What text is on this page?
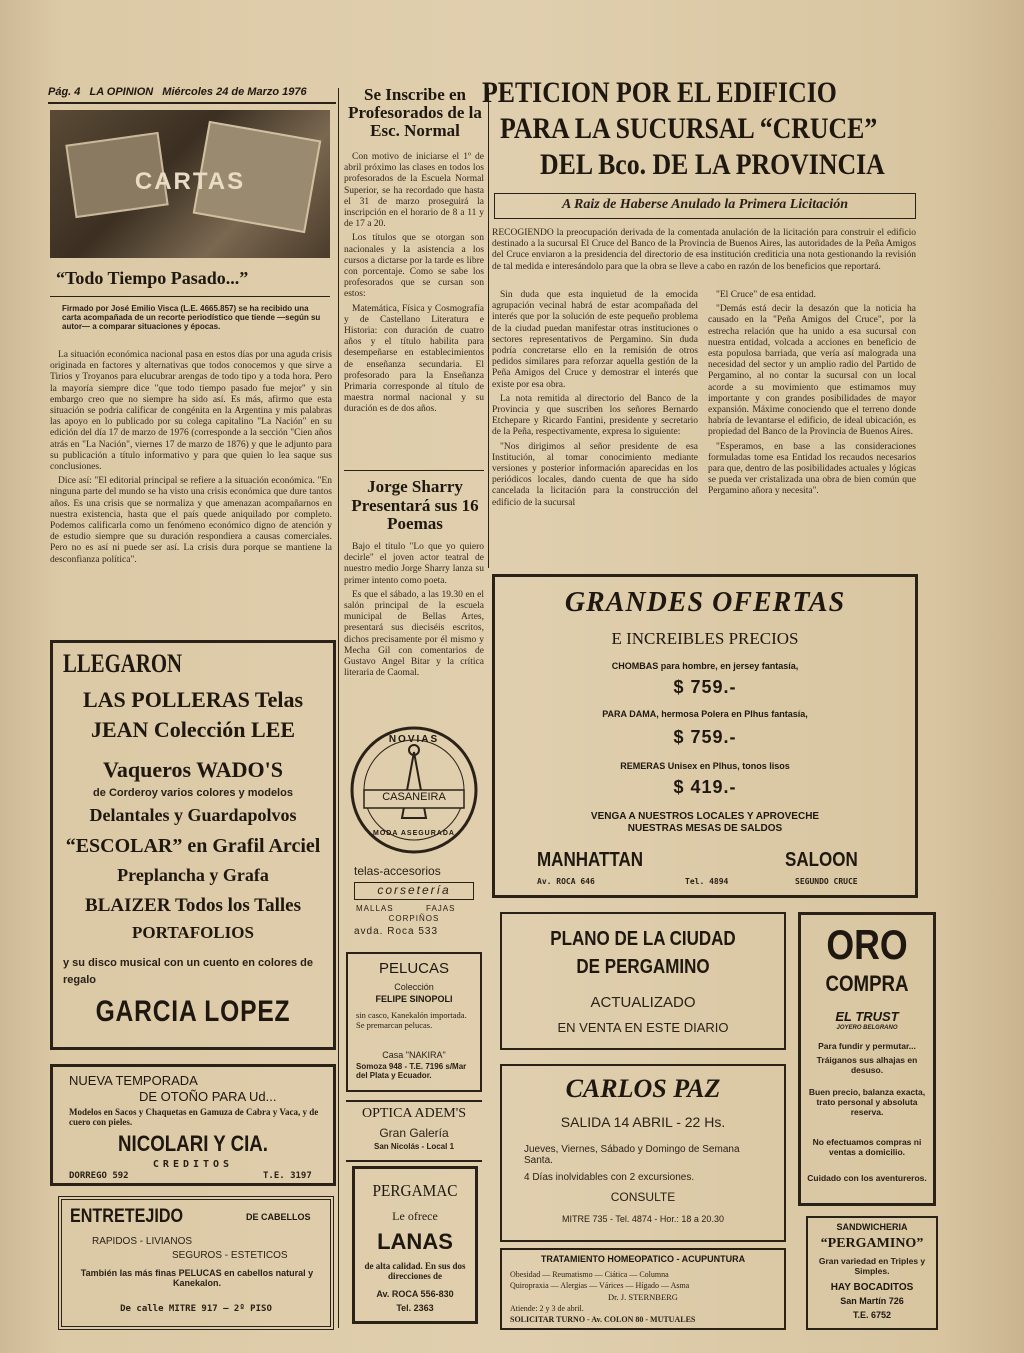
Pág. 4 LA OPINION Miércoles 24 de Marzo 1976
CARTAS
“Todo Tiempo Pasado...”
Firmado por José Emilio Visca (L.E. 4665.857) se ha recibido una carta acompañada de un recorte periodístico que tiende —según su autor— a comparar situaciones y épocas.

La situación económica nacional pasa en estos días por una aguda crisis originada en factores y alternativas que todos conocemos y que sirve a Tirios y Troyanos para elucubrar arengas de todo tipo y a toda hora. Pero la mayoría siempre dice "que todo tiempo pasado fue mejor" y sin embargo creo que no siempre ha sido así. Es más, afirmo que esta situación se podría calificar de congénita en la Argentina y mis palabras las apoyo en lo publicado por su colega capitalino "La Nación" en su edición del día 17 de marzo de 1976 (corresponde a la sección "Cien años atrás en "La Nación", viernes 17 de marzo de 1876) y que le adjunto para su publicación a título informativo y para que quien lo lea saque sus conclusiones.

Dice así: "El editorial principal se refiere a la situación económica. "En ninguna parte del mundo se ha visto una crisis económica que dure tantos años. Es una crisis que se normaliza y que amenazan acompañarnos en nuestra existencia, hasta que el país quede aniquilado por completo. Podemos calificarla como un fenómeno económico digno de atención y de estudio siempre que su duración respondiera a causas comerciales. Pero no es así ni puede ser así. La crisis dura porque se mantiene la desconfianza política".

Se Inscribe en Profesorados de la Esc. Normal

Con motivo de iniciarse el 1º de abril próximo las clases en todos los profesorados de la Escuela Normal Superior, se ha recordado que hasta el 31 de marzo proseguirá la inscripción en el horario de 8 a 11 y de 17 a 20.

Los títulos que se otorgan son nacionales y la asistencia a los cursos a dictarse por la tarde es libre con porcentaje. Como se sabe los profesorados que se cursan son estos:

Matemática, Física y Cosmografía y de Castellano Literatura e Historia: con duración de cuatro años y el título habilita para desempeñarse en establecimientos de enseñanza secundaria. El profesorado para la Enseñanza Primaria corresponde al título de maestra normal nacional y su duración es de dos años.

Jorge Sharry Presentará sus 16 Poemas

Bajo el título "Lo que yo quiero decirle" el joven actor teatral de nuestro medio Jorge Sharry lanza su primer intento como poeta.

Es que el sábado, a las 19.30 en el salón principal de la escuela municipal de Bellas Artes, presentará sus dieciséis escritos, dichos precisamente por él mismo y Mecha Gil con comentarios de Gustavo Angel Bitar y la crítica literaria de Caomal.

PETICION POR EL EDIFICIO
PARA LA SUCURSAL “CRUCE”
DEL Bco. DE LA PROVINCIA
A Raiz de Haberse Anulado la Primera Licitación
RECOGIENDO la preocupación derivada de la comentada anulación de la licitación para construir el edificio destinado a la sucursal El Cruce del Banco de la Provincia de Buenos Aires, las autoridades de la Peña Amigos del Cruce enviaron a la presidencia del directorio de esa institución crediticia una nota gestionando la revisión de tal medida e interesándolo para que la obra se lleve a cabo en razón de los beneficios que reportará.

Sin duda que esta inquietud de la emocida agrupación vecinal habrá de estar acompañada del interés que por la solución de este pequeño problema de la ciudad puedan manifestar otras instituciones o sectores representativos de Pergamino. Sin duda podría concretarse ello en la remisión de otros pedidos similares para reforzar aquella gestión de la Peña Amigos del Cruce y demostrar el interés que existe por esa obra.

La nota remitida al directorio del Banco de la Provincia y que suscriben los señores Bernardo Etchepare y Ricardo Fantini, presidente y secretario de la Peña, respectivamente, expresa lo siguiente:

"Nos dirigimos al señor presidente de esa Institución, al tomar conocimiento mediante versiones y posterior información aparecidas en los periódicos locales, dando cuenta de que ha sido cancelada la licitación para la construcción del edificio de la sucursal

"El Cruce" de esa entidad.

"Demás está decir la desazón que la noticia ha causado en la "Peña Amigos del Cruce", por la estrecha relación que ha unido a esa sucursal con nuestra entidad, volcada a acciones en beneficio de esta populosa barriada, que vería así malograda una necesidad del sector y un amplio radio del Partido de Pergamino, al no contar la sucursal con un local acorde a su movimiento que estimamos muy importante y con grandes posibilidades de mayor expansión. Máxime conociendo que el terreno donde habría de levantarse el edificio, de ideal ubicación, es propiedad del Banco de la Provincia de Buenos Aires.

"Esperamos, en base a las consideraciones formuladas tome esa Entidad los recaudos necesarios para que, dentro de las posibilidades actuales y lógicas se pueda ver cristalizada una obra de bien común que Pergamino añora y necesita".

LLEGARON
LAS POLLERAS Telas
JEAN Colección LEE
Vaqueros WADO'S
de Corderoy varios colores y modelos
Delantales y Guardapolvos
“ESCOLAR” en Grafil Arciel
Preplancha y Grafa
BLAIZER Todos los Talles
PORTAFOLIOS
y su disco musical con un cuento en colores de regalo
GARCIA LOPEZ
NUEVA TEMPORADA
DE OTOÑO PARA Ud...
Modelos en Sacos y Chaquetas en Gamuza de Cabra y Vaca, y de cuero con pieles.
NICOLARI Y CIA.
CREDITOS
DORREGO 592	T.E. 3197
ENTRETEJIDO	DE CABELLOS
RAPIDOS - LIVIANOS
SEGUROS - ESTETICOS
También las más finas PELUCAS en cabellos natural y Kanekalon.
De calle MITRE 917 — 2º PISO
NOVIAS
CASANEIRA
MODA ASEGURADA
telas-accesorios
corsetería
MALLAS	FAJAS
CORPIÑOS
avda. Roca 533
PELUCAS
Colección
FELIPE SINOPOLI
sin casco, Kanekalón importada. Se premarcan pelucas.
Casa "NAKIRA"
Somoza 948 - T.E. 7196 s/Mar del Plata y Ecuador.
OPTICA ADEM'S
Gran Galería
San Nicolás - Local 1
PERGAMAC
Le ofrece
LANAS
de alta calidad. En sus dos direcciones de
Av. ROCA 556-830
Tel. 2363
GRANDES OFERTAS
E INCREIBLES PRECIOS
CHOMBAS para hombre, en jersey fantasía,
$ 759.-
PARA DAMA, hermosa Polera en Plhus fantasía,
$ 759.-
REMERAS Unisex en Plhus, tonos lisos
$ 419.-
VENGA A NUESTROS LOCALES Y APROVECHE
NUESTRAS MESAS DE SALDOS
MANHATTAN
Av. ROCA 646	Tel. 4894
SALOON
SEGUNDO CRUCE
PLANO DE LA CIUDAD
DE PERGAMINO
ACTUALIZADO
EN VENTA EN ESTE DIARIO
CARLOS PAZ
SALIDA 14 ABRIL - 22 Hs.
Jueves, Viernes, Sábado y Domingo de Semana Santa.
4 Días inolvidables con 2 excursiones.
CONSULTE
MITRE 735 - Tel. 4874 - Hor.: 18 a 20.30
TRATAMIENTO HOMEOPATICO - ACUPUNTURA
Obesidad — Reumatismo — Ciática — Columna
Quiropraxia — Alergias — Várices — Hígado — Asma
Dr. J. STERNBERG
Atiende: 2 y 3 de abril.
SOLICITAR TURNO - Av. COLON 80 - MUTUALES
ORO
COMPRA
EL TRUST
JOYERO BELGRANO
Para fundir y permutar...
Tráiganos sus alhajas en desuso.
Buen precio, balanza exacta, trato personal y absoluta reserva.
No efectuamos compras ni ventas a domicilio.
Cuidado con los aventureros.
SANDWICHERIA
“PERGAMINO”
Gran variedad en Triples y Simples.
HAY BOCADITOS
San Martín 726
T.E. 6752
